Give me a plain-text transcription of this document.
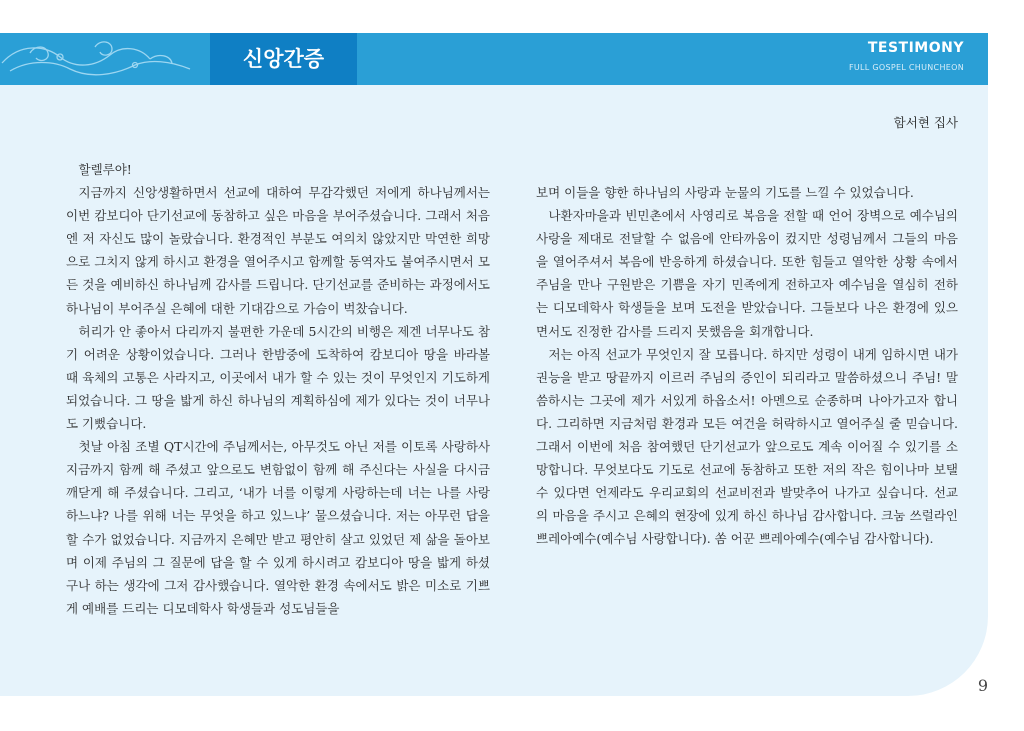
신앙간증	TESTIMONY
FULL GOSPEL CHUNCHEON
함서현 집사

할렐루야!

지금까지 신앙생활하면서 선교에 대하여 무감각했던 저에게 하나님께서는 이번 캄보디아 단기선교에 동참하고 싶은 마음을 부어주셨습니다. 그래서 처음엔 저 자신도 많이 놀랐습니다. 환경적인 부분도 여의치 않았지만 막연한 희망으로 그치지 않게 하시고 환경을 열어주시고 함께할 동역자도 붙여주시면서 모든 것을 예비하신 하나님께 감사를 드립니다. 단기선교를 준비하는 과정에서도 하나님이 부어주실 은혜에 대한 기대감으로 가슴이 벅찼습니다.

허리가 안 좋아서 다리까지 불편한 가운데 5시간의 비행은 제겐 너무나도 참기 어려운 상황이었습니다. 그러나 한밤중에 도착하여 캄보디아 땅을 바라볼 때 육체의 고통은 사라지고, 이곳에서 내가 할 수 있는 것이 무엇인지 기도하게 되었습니다. 그 땅을 밟게 하신 하나님의 계획하심에 제가 있다는 것이 너무나도 기뻤습니다.

첫날 아침 조별 QT시간에 주님께서는, 아무것도 아닌 저를 이토록 사랑하사 지금까지 함께 해 주셨고 앞으로도 변함없이 함께 해 주신다는 사실을 다시금 깨닫게 해 주셨습니다. 그리고, ‘내가 너를 이렇게 사랑하는데 너는 나를 사랑하느냐? 나를 위해 너는 무엇을 하고 있느냐’ 물으셨습니다. 저는 아무런 답을 할 수가 없었습니다. 지금까지 은혜만 받고 평안히 살고 있었던 제 삶을 돌아보며 이제 주님의 그 질문에 답을 할 수 있게 하시려고 캄보디아 땅을 밟게 하셨구나 하는 생각에 그저 감사했습니다. 열악한 환경 속에서도 밝은 미소로 기쁘게 예배를 드리는 디모데학사 학생들과 성도님들을

보며 이들을 향한 하나님의 사랑과 눈물의 기도를 느낄 수 있었습니다.

나환자마을과 빈민촌에서 사영리로 복음을 전할 때 언어 장벽으로 예수님의 사랑을 제대로 전달할 수 없음에 안타까움이 컸지만 성령님께서 그들의 마음을 열어주셔서 복음에 반응하게 하셨습니다. 또한 힘들고 열악한 상황 속에서 주님을 만나 구원받은 기쁨을 자기 민족에게 전하고자 예수님을 열심히 전하는 디모데학사 학생들을 보며 도전을 받았습니다. 그들보다 나은 환경에 있으면서도 진정한 감사를 드리지 못했음을 회개합니다.

저는 아직 선교가 무엇인지 잘 모릅니다. 하지만 성령이 내게 임하시면 내가 권능을 받고 땅끝까지 이르러 주님의 증인이 되리라고 말씀하셨으니 주님! 말씀하시는 그곳에 제가 서있게 하옵소서! 아멘으로 순종하며 나아가고자 합니다. 그리하면 지금처럼 환경과 모든 여건을 허락하시고 열어주실 줄 믿습니다. 그래서 이번에 처음 참여했던 단기선교가 앞으로도 계속 이어질 수 있기를 소망합니다. 무엇보다도 기도로 선교에 동참하고 또한 저의 작은 힘이나마 보탤 수 있다면 언제라도 우리교회의 선교비전과 발맞추어 나가고 싶습니다. 선교의 마음을 주시고 은혜의 현장에 있게 하신 하나님 감사합니다. 크눔 쓰럴라인 쁘레아예수(예수님 사랑합니다). 쏨 어꾼 쁘레아예수(예수님 감사합니다).

9
